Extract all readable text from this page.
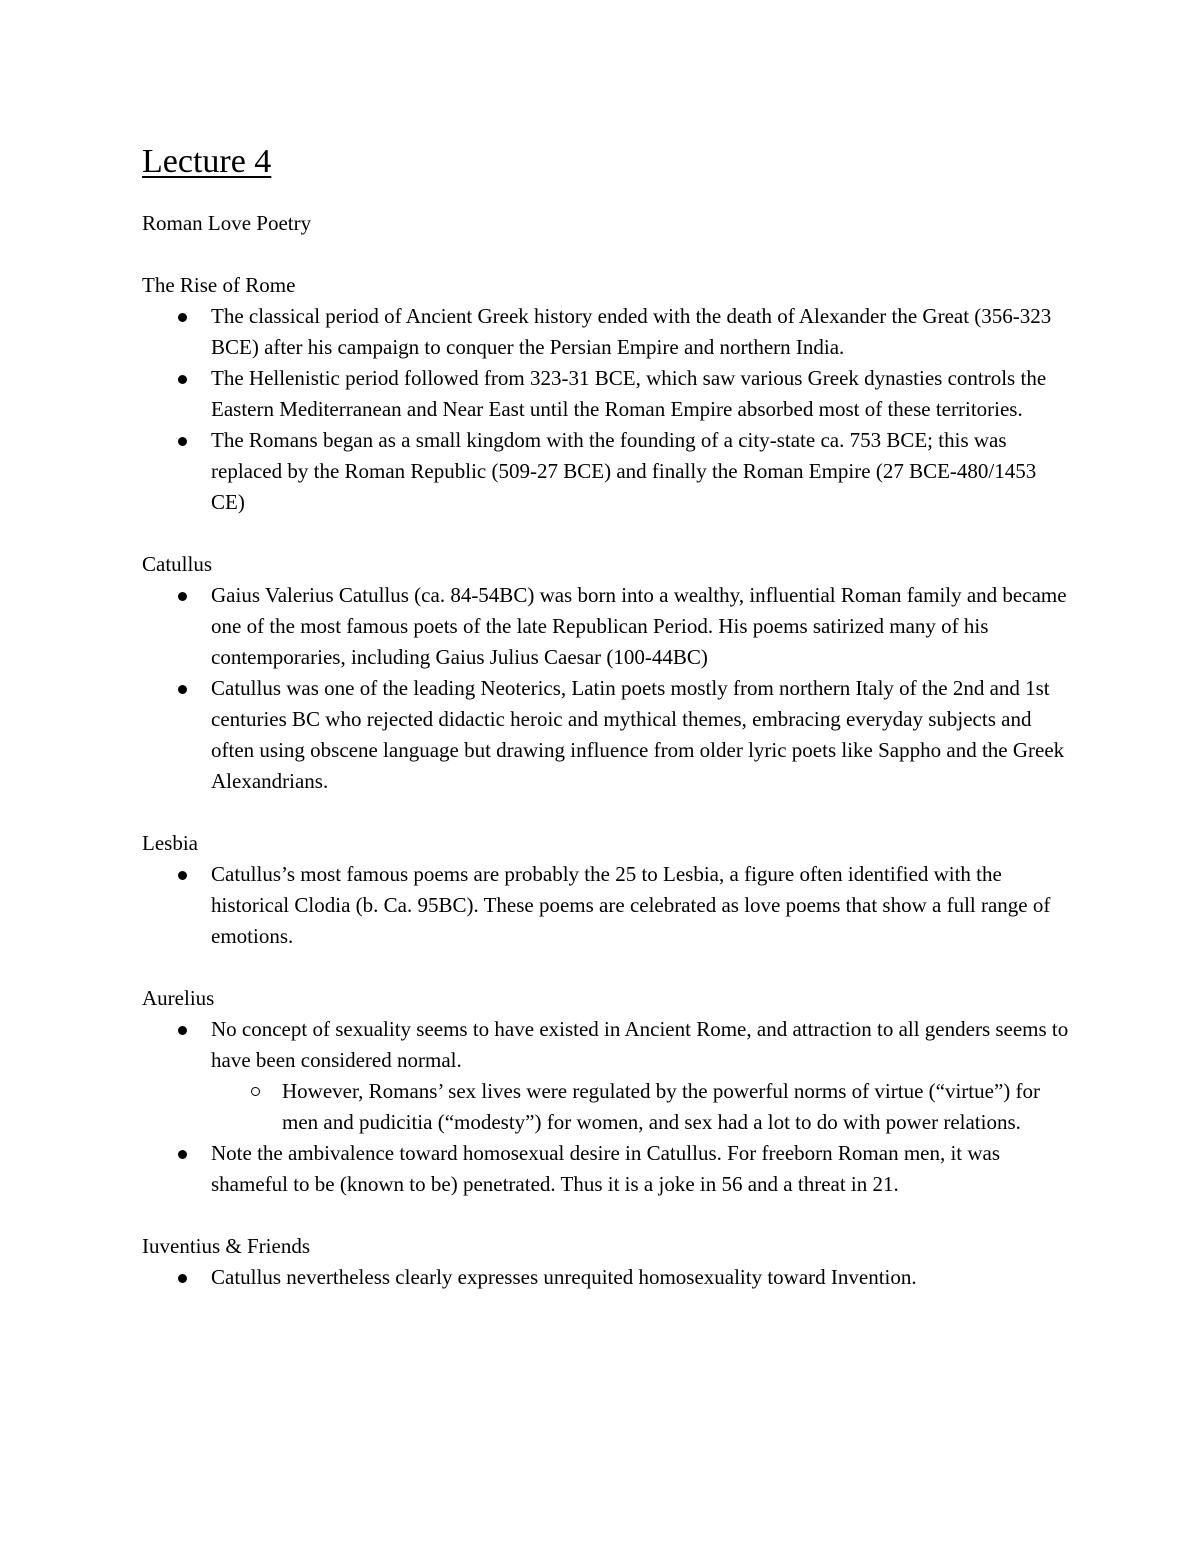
Lecture 4
Roman Love Poetry
The Rise of Rome
The classical period of Ancient Greek history ended with the death of Alexander the Great (356-323 BCE) after his campaign to conquer the Persian Empire and northern India.
The Hellenistic period followed from 323-31 BCE, which saw various Greek dynasties controls the Eastern Mediterranean and Near East until the Roman Empire absorbed most of these territories.
The Romans began as a small kingdom with the founding of a city-state ca. 753 BCE; this was replaced by the Roman Republic (509-27 BCE) and finally the Roman Empire (27 BCE-480/1453 CE)
Catullus
Gaius Valerius Catullus (ca. 84-54BC) was born into a wealthy, influential Roman family and became one of the most famous poets of the late Republican Period. His poems satirized many of his contemporaries, including Gaius Julius Caesar (100-44BC)
Catullus was one of the leading Neoterics, Latin poets mostly from northern Italy of the 2nd and 1st centuries BC who rejected didactic heroic and mythical themes, embracing everyday subjects and often using obscene language but drawing influence from older lyric poets like Sappho and the Greek Alexandrians.
Lesbia
Catullus’s most famous poems are probably the 25 to Lesbia, a figure often identified with the historical Clodia (b. Ca. 95BC). These poems are celebrated as love poems that show a full range of emotions.
Aurelius
No concept of sexuality seems to have existed in Ancient Rome, and attraction to all genders seems to have been considered normal.
However, Romans’ sex lives were regulated by the powerful norms of virtue (“virtue”) for men and pudicitia (“modesty”) for women, and sex had a lot to do with power relations.
Note the ambivalence toward homosexual desire in Catullus. For freeborn Roman men, it was shameful to be (known to be) penetrated. Thus it is a joke in 56 and a threat in 21.
Iuventius & Friends
Catullus nevertheless clearly expresses unrequited homosexuality toward Invention.
